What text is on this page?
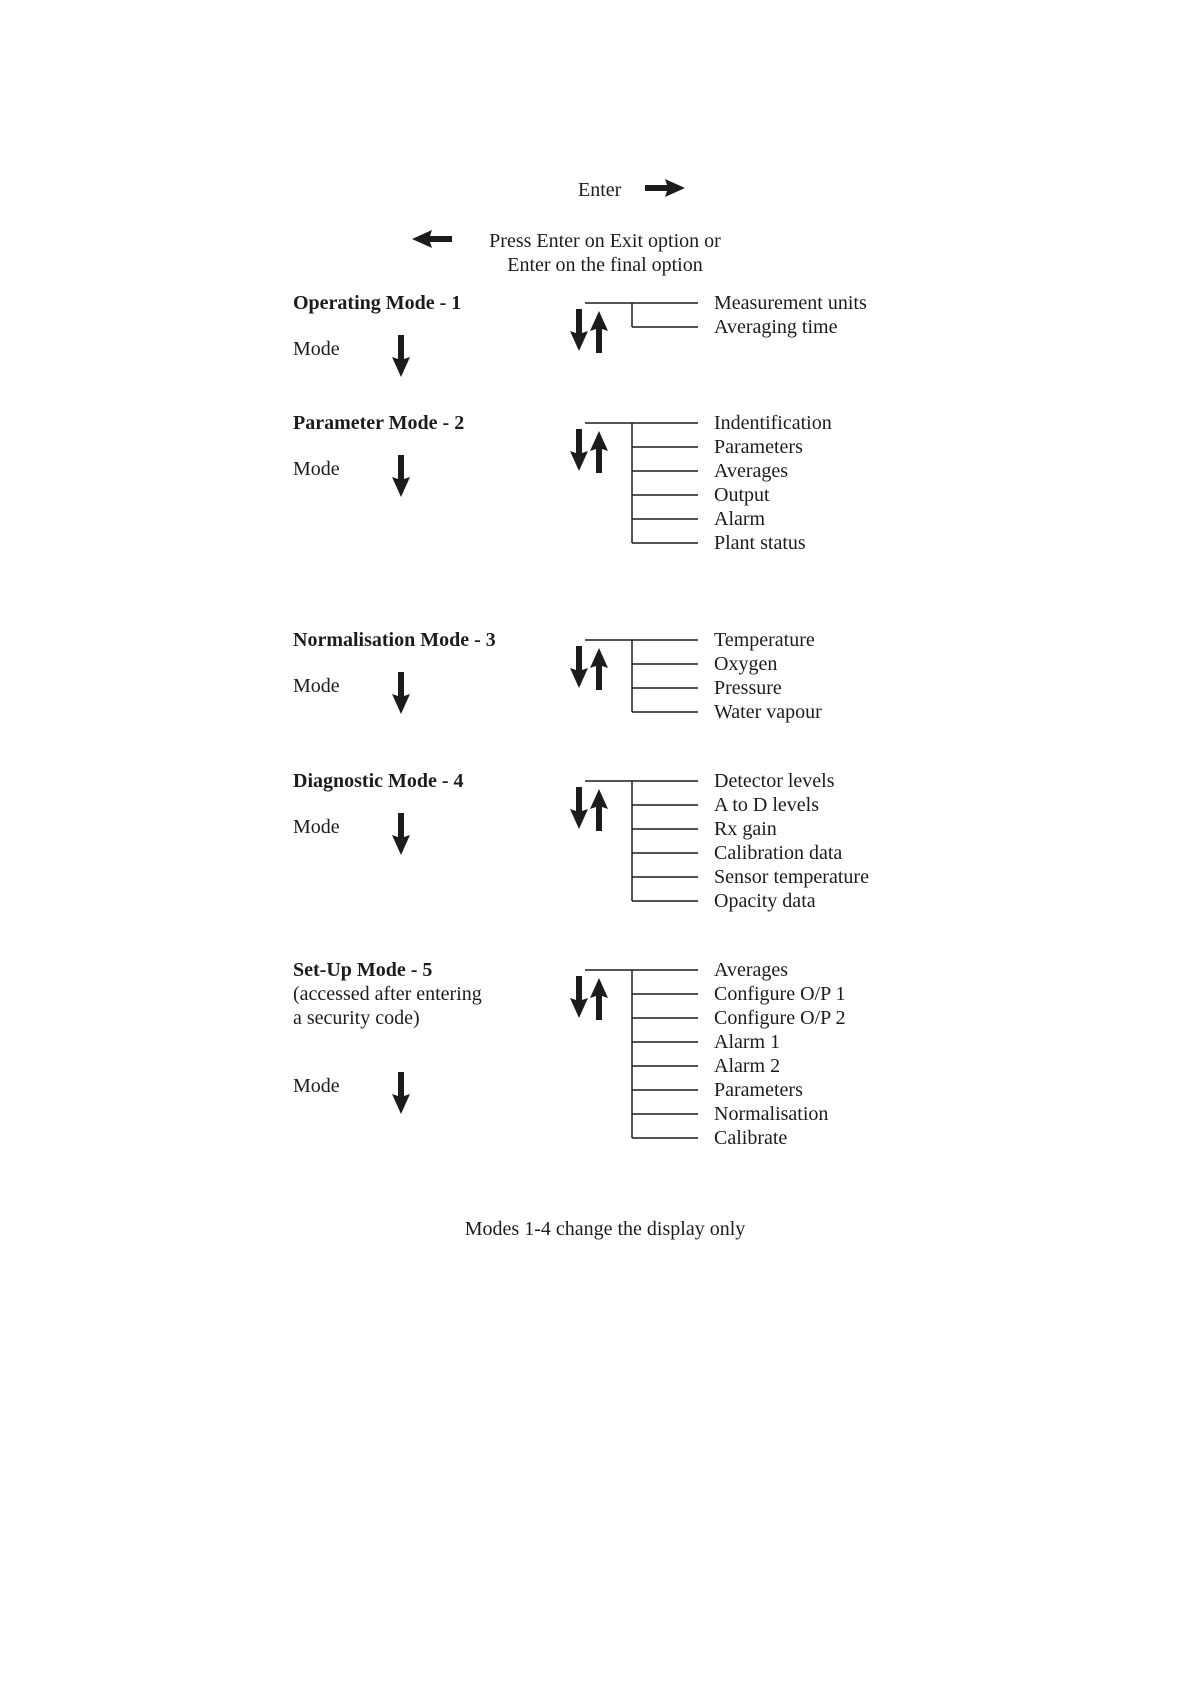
Enter
Press Enter on Exit option or
Enter on the final option
Operating Mode - 1
Mode
Measurement units
Averaging time
Parameter Mode - 2
Mode
Indentification
Parameters
Averages
Output
Alarm
Plant status
Normalisation Mode - 3
Mode
Temperature
Oxygen
Pressure
Water vapour
Diagnostic Mode - 4
Mode
Detector levels
A to D levels
Rx gain
Calibration data
Sensor temperature
Opacity data
Set-Up Mode - 5
(accessed after entering
a security code)
Mode
Averages
Configure O/P 1
Configure O/P 2
Alarm 1
Alarm 2
Parameters
Normalisation
Calibrate
Modes 1-4 change the display only
